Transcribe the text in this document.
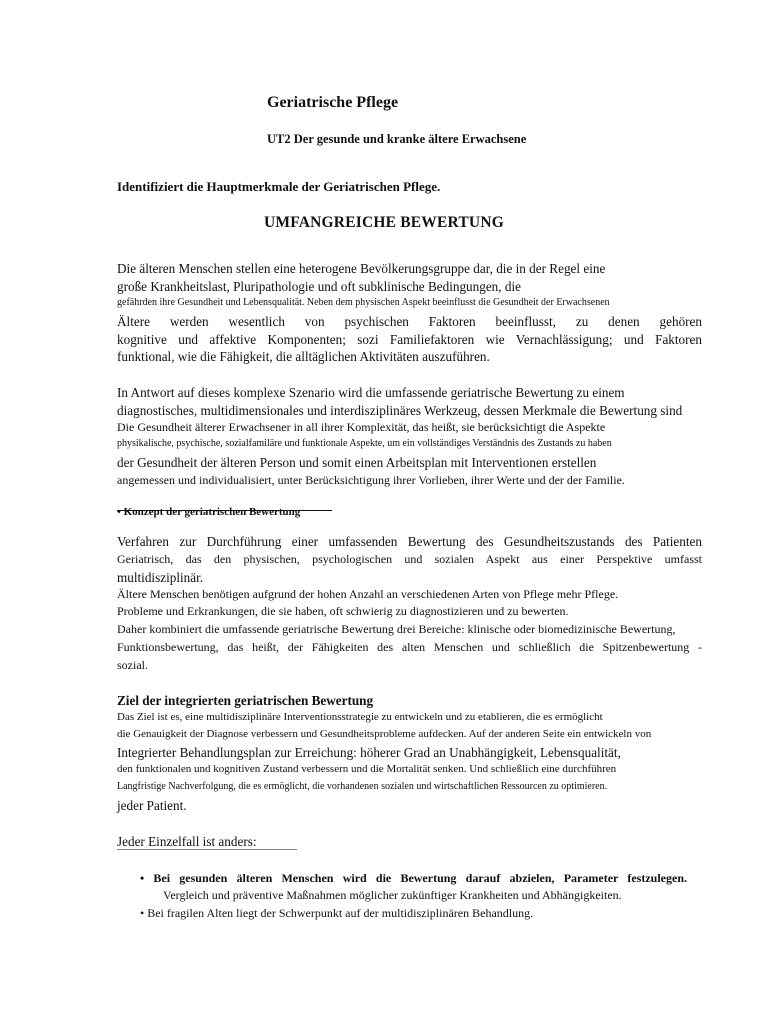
Geriatrische Pflege
UT2 Der gesunde und kranke ältere Erwachsene
Identifiziert die Hauptmerkmale der Geriatrischen Pflege.
UMFANGREICHE BEWERTUNG
Die älteren Menschen stellen eine heterogene Bevölkerungsgruppe dar, die in der Regel eine
große Krankheitslast, Pluripathologie und oft subklinische Bedingungen, die
gefährden ihre Gesundheit und Lebensqualität. Neben dem physischen Aspekt beeinflusst die Gesundheit der Erwachsenen
Ältere werden wesentlich von psychischen Faktoren beeinflusst, zu denen gehören
kognitive und affektive Komponenten; sozi Familiefaktoren wie Vernachlässigung; und Faktoren
funktional, wie die Fähigkeit, die alltäglichen Aktivitäten auszuführen.
In Antwort auf dieses komplexe Szenario wird die umfassende geriatrische Bewertung zu einem
diagnostisches, multidimensionales und interdisziplinäres Werkzeug, dessen Merkmale die Bewertung sind
Die Gesundheit älterer Erwachsener in all ihrer Komplexität, das heißt, sie berücksichtigt die Aspekte
physikalische, psychische, sozialfamiläre und funktionale Aspekte, um ein vollständiges Verständnis des Zustands zu haben
der Gesundheit der älteren Person und somit einen Arbeitsplan mit Interventionen erstellen
angemessen und individualisiert, unter Berücksichtigung ihrer Vorlieben, ihrer Werte und der der Familie.
• Konzept der geriatrischen Bewertung
Verfahren zur Durchführung einer umfassenden Bewertung des Gesundheitszustands des Patienten
Geriatrisch, das den physischen, psychologischen und sozialen Aspekt aus einer Perspektive umfasst
multidisziplinär.
Ältere Menschen benötigen aufgrund der hohen Anzahl an verschiedenen Arten von Pflege mehr Pflege.
Probleme und Erkrankungen, die sie haben, oft schwierig zu diagnostizieren und zu bewerten.
Daher kombiniert die umfassende geriatrische Bewertung drei Bereiche: klinische oder biomedizinische Bewertung,
Funktionsbewertung, das heißt, der Fähigkeiten des alten Menschen und schließlich die Spitzenbewertung -
sozial.
Ziel der integrierten geriatrischen Bewertung
Das Ziel ist es, eine multidisziplinäre Interventionsstrategie zu entwickeln und zu etablieren, die es ermöglicht
die Genauigkeit der Diagnose verbessern und Gesundheitsprobleme aufdecken. Auf der anderen Seite ein entwickeln von
Integrierter Behandlungsplan zur Erreichung: höherer Grad an Unabhängigkeit, Lebensqualität,
den funktionalen und kognitiven Zustand verbessern und die Mortalität senken. Und schließlich eine durchführen
Langfristige Nachverfolgung, die es ermöglicht, die vorhandenen sozialen und wirtschaftlichen Ressourcen zu optimieren.
jeder Patient.
Jeder Einzelfall ist anders:
• Bei gesunden älteren Menschen wird die Bewertung darauf abzielen, Parameter festzulegen.
Vergleich und präventive Maßnahmen möglicher zukünftiger Krankheiten und Abhängigkeiten.
• Bei fragilen Alten liegt der Schwerpunkt auf der multidisziplinären Behandlung.
